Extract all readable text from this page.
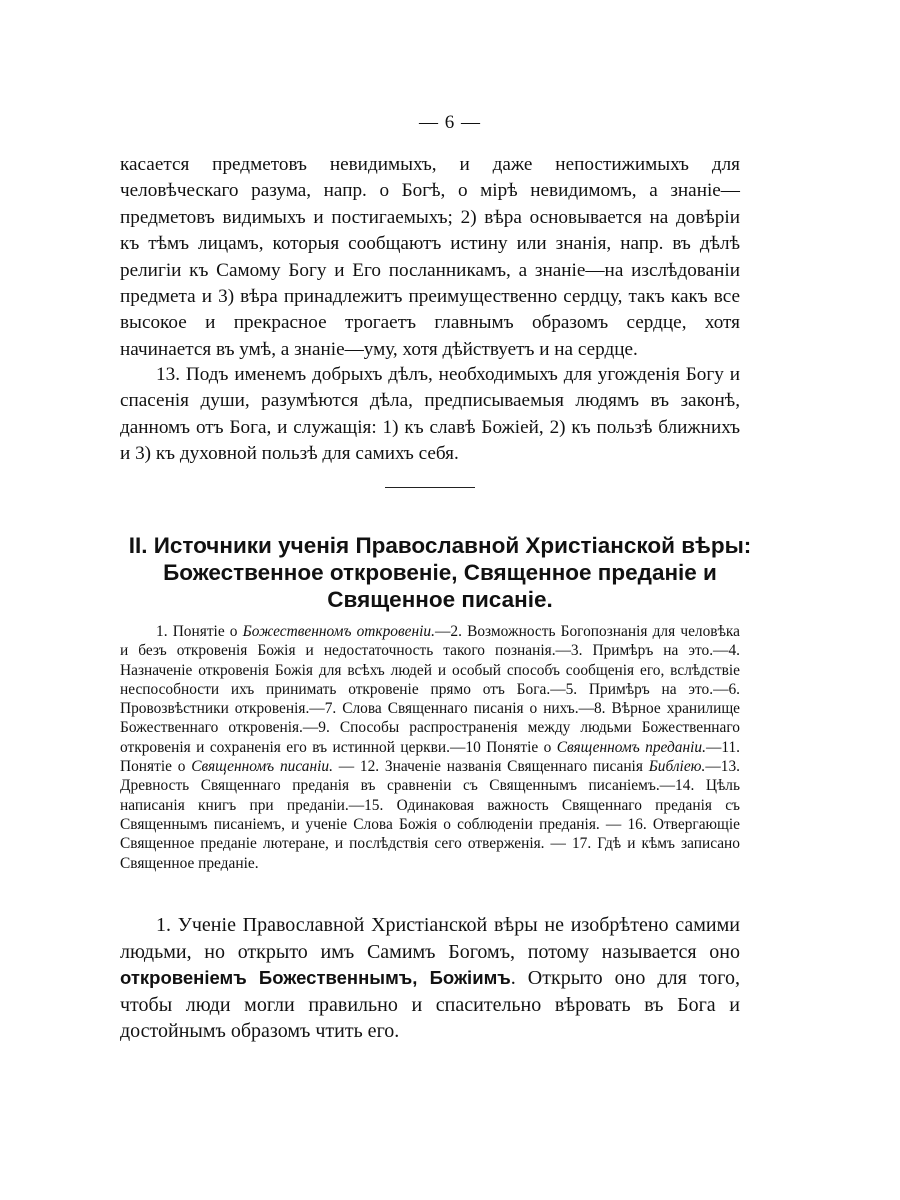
— 6 —

касается предметовъ невидимыхъ, и даже непостижимыхъ для человѣческаго разума, напр. о Богѣ, о мірѣ невидимомъ, а знаніе—предметовъ видимыхъ и постигаемыхъ; 2) вѣра основывается на довѣріи къ тѣмъ лицамъ, которыя сообщаютъ истину или знанія, напр. въ дѣлѣ религіи къ Самому Богу и Его посланникамъ, а знаніе—на изслѣдованіи предмета и 3) вѣра принадлежитъ преимущественно сердцу, такъ какъ все высокое и прекрасное трогаетъ главнымъ образомъ сердце, хотя начинается въ умѣ, а знаніе—уму, хотя дѣйствуетъ и на сердце.

13. Подъ именемъ добрыхъ дѣлъ, необходимыхъ для угожденія Богу и спасенія души, разумѣются дѣла, предписываемыя людямъ въ законѣ, данномъ отъ Бога, и служащія: 1) къ славѣ Божіей, 2) къ пользѣ ближнихъ и 3) къ духовной пользѣ для самихъ себя.

II. Источники ученія Православной Христіанской вѣры: Божественное откровеніе, Священное преданіе и Священное писаніе.

1. Понятіе о Божественномъ откровеніи.—2. Возможность Богопознанія для человѣка и безъ откровенія Божія и недостаточность такого познанія.—3. Примѣръ на это.—4. Назначеніе откровенія Божія для всѣхъ людей и особый способъ сообщенія его, вслѣдствіе неспособности ихъ принимать откровеніе прямо отъ Бога.—5. Примѣръ на это.—6. Провозвѣстники откровенія.—7. Слова Священнаго писанія о нихъ.—8. Вѣрное хранилище Божественнаго откровенія.—9. Способы распространенія между людьми Божественнаго откровенія и сохраненія его въ истинной церкви.—10 Понятіе о Священномъ преданіи.—11. Понятіе о Священномъ писаніи. — 12. Значеніе названія Священнаго писанія Библіею.—13. Древность Священнаго преданія въ сравненіи съ Священнымъ писаніемъ.—14. Цѣль написанія книгъ при преданіи.—15. Одинаковая важность Священнаго преданія съ Священнымъ писаніемъ, и ученіе Слова Божія о соблюденіи преданія. — 16. Отвергающіе Священное преданіе лютеране, и послѣдствія сего отверженія. — 17. Гдѣ и кѣмъ записано Священное преданіе.

1. Ученіе Православной Христіанской вѣры не изобрѣтено самими людьми, но открыто имъ Самимъ Богомъ, потому называется оно откровеніемъ Божественнымъ, Божіимъ. Открыто оно для того, чтобы люди могли правильно и спасительно вѣровать въ Бога и достойнымъ образомъ чтить его.
